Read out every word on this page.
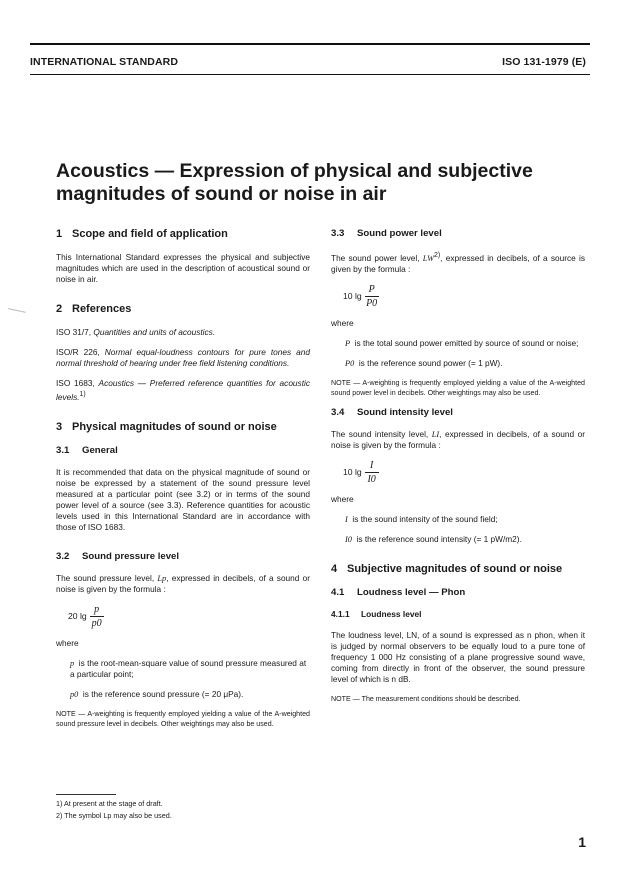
INTERNATIONAL STANDARD	ISO 131-1979 (E)
Acoustics — Expression of physical and subjective
magnitudes of sound or noise in air
1 Scope and field of application

This International Standard expresses the physical and subjective magnitudes which are used in the description of acoustical sound or noise in air.

2 References

ISO 31/7, Quantities and units of acoustics.

ISO/R 226, Normal equal-loudness contours for pure tones and normal threshold of hearing under free field listening conditions.

ISO 1683, Acoustics — Preferred reference quantities for acoustic levels.$^{1)}$

3 Physical magnitudes of sound or noise
3.1 General

It is recommended that data on the physical magnitude of sound or noise be expressed by a statement of the sound pressure level measured at a particular point (see 3.2) or in terms of the sound power level of a source (see 3.3). Reference quantities for acoustic levels used in this International Standard are in accordance with those of ISO 1683.

3.2 Sound pressure level

The sound pressure level, Lp, expressed in decibels, of a sound or noise is given by the formula :

20 $\lg \frac{p}{p0}$

where

p is the root-mean-square value of sound pressure measured at a particular point;

p0 is the reference sound pressure (= 20 μPa).

NOTE — A-weighting is frequently employed yielding a value of the A-weighted sound pressure level in decibels. Other weightings may also be used.

3.3 Sound power level

The sound power level, LW$^{2)}$, expressed in decibels, of a source is given by the formula :

10 $\lg \frac{P}{P0}$

where

P is the total sound power emitted by source of sound or noise;

P0 is the reference sound power (= 1 pW).

NOTE — A-weighting is frequently employed yielding a value of the A-weighted sound power level in decibels. Other weightings may also be used.

3.4 Sound intensity level

The sound intensity level, LI, expressed in decibels, of a sound or noise is given by the formula :

10 $\lg \frac{I}{I0}$

where

I is the sound intensity of the sound field;

I0 is the reference sound intensity (= 1 pW/m2).

4 Subjective magnitudes of sound or noise
4.1 Loudness level — Phon
4.1.1 Loudness level

The loudness level, LN, of a sound is expressed as n phon, when it is judged by normal observers to be equally loud to a pure tone of frequency 1 000 Hz consisting of a plane progressive sound wave, coming from directly in front of the observer, the sound pressure level of which is n dB.

NOTE — The measurement conditions should be described.

1) At present at the stage of draft.
2) The symbol Lp may also be used.
1
